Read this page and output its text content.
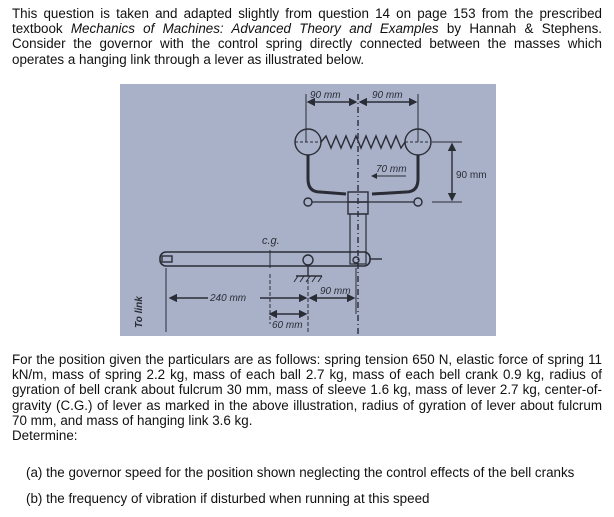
This question is taken and adapted slightly from question 14 on page 153 from the prescribed textbook Mechanics of Machines: Advanced Theory and Examples by Hannah & Stephens. Consider the governor with the control spring directly connected between the masses which operates a hanging link through a lever as illustrated below.
90 mm	90 mm
70 mm
90 mm
c.g.
240 mm
60 mm
90 mm
To link
For the position given the particulars are as follows: spring tension 650 N, elastic force of spring 11 kN/m, mass of spring 2.2 kg, mass of each ball 2.7 kg, mass of each bell crank 0.9 kg, radius of gyration of bell crank about fulcrum 30 mm, mass of sleeve 1.6 kg, mass of lever 2.7 kg, center-of-gravity (C.G.) of lever as marked in the above illustration, radius of gyration of lever about fulcrum 70 mm, and mass of hanging link 3.6 kg.
Determine:
(a) the governor speed for the position shown neglecting the control effects of the bell cranks
(b) the frequency of vibration if disturbed when running at this speed
